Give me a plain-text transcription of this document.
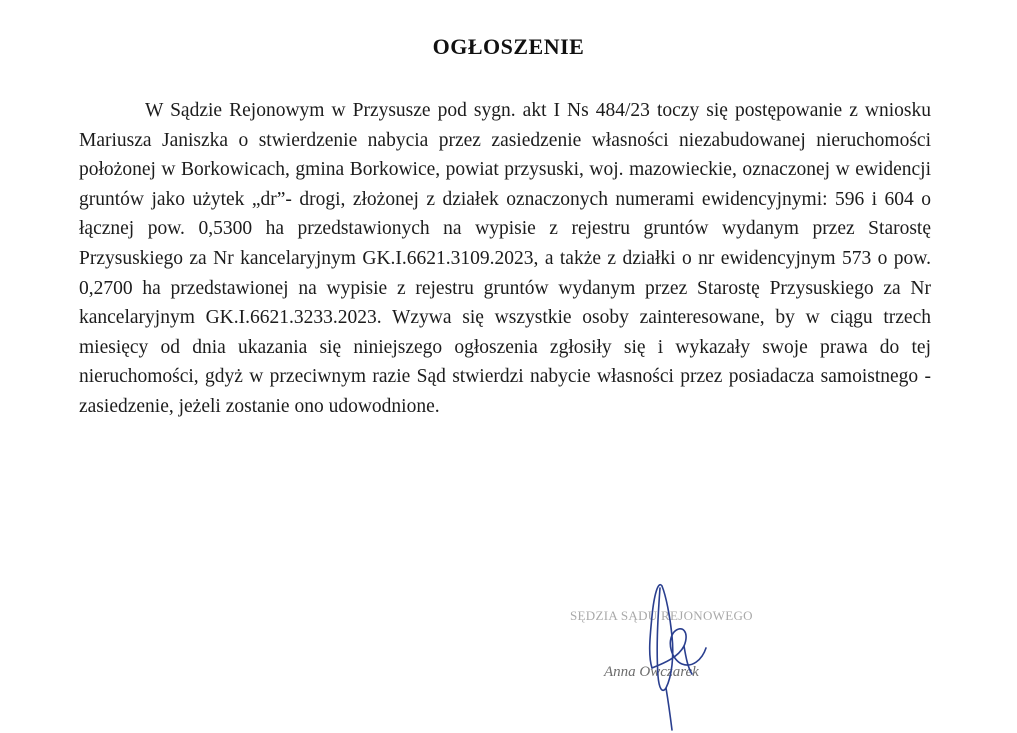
OGŁOSZENIE
W Sądzie Rejonowym w Przysusze pod sygn. akt I Ns 484/23 toczy się postępowanie z wniosku Mariusza Janiszka o stwierdzenie nabycia przez zasiedzenie własności niezabudowanej nieruchomości położonej w Borkowicach, gmina Borkowice, powiat przysuski, woj. mazowieckie, oznaczonej w ewidencji gruntów jako użytek „dr”- drogi, złożonej z działek oznaczonych numerami ewidencyjnymi: 596 i 604 o łącznej pow. 0,5300 ha przedstawionych na wypisie z rejestru gruntów wydanym przez Starostę Przysuskiego za Nr kancelaryjnym GK.I.6621.3109.2023, a także z działki o nr ewidencyjnym 573 o pow. 0,2700 ha przedstawionej na wypisie z rejestru gruntów wydanym przez Starostę Przysuskiego za Nr kancelaryjnym GK.I.6621.3233.2023. Wzywa się wszystkie osoby zainteresowane, by w ciągu trzech miesięcy od dnia ukazania się niniejszego ogłoszenia zgłosiły się i wykazały swoje prawa do tej nieruchomości, gdyż w przeciwnym razie Sąd stwierdzi nabycie własności przez posiadacza samoistnego -zasiedzenie, jeżeli zostanie ono udowodnione.
SĘDZIA SĄDU REJONOWEGO
Anna Owczarek
